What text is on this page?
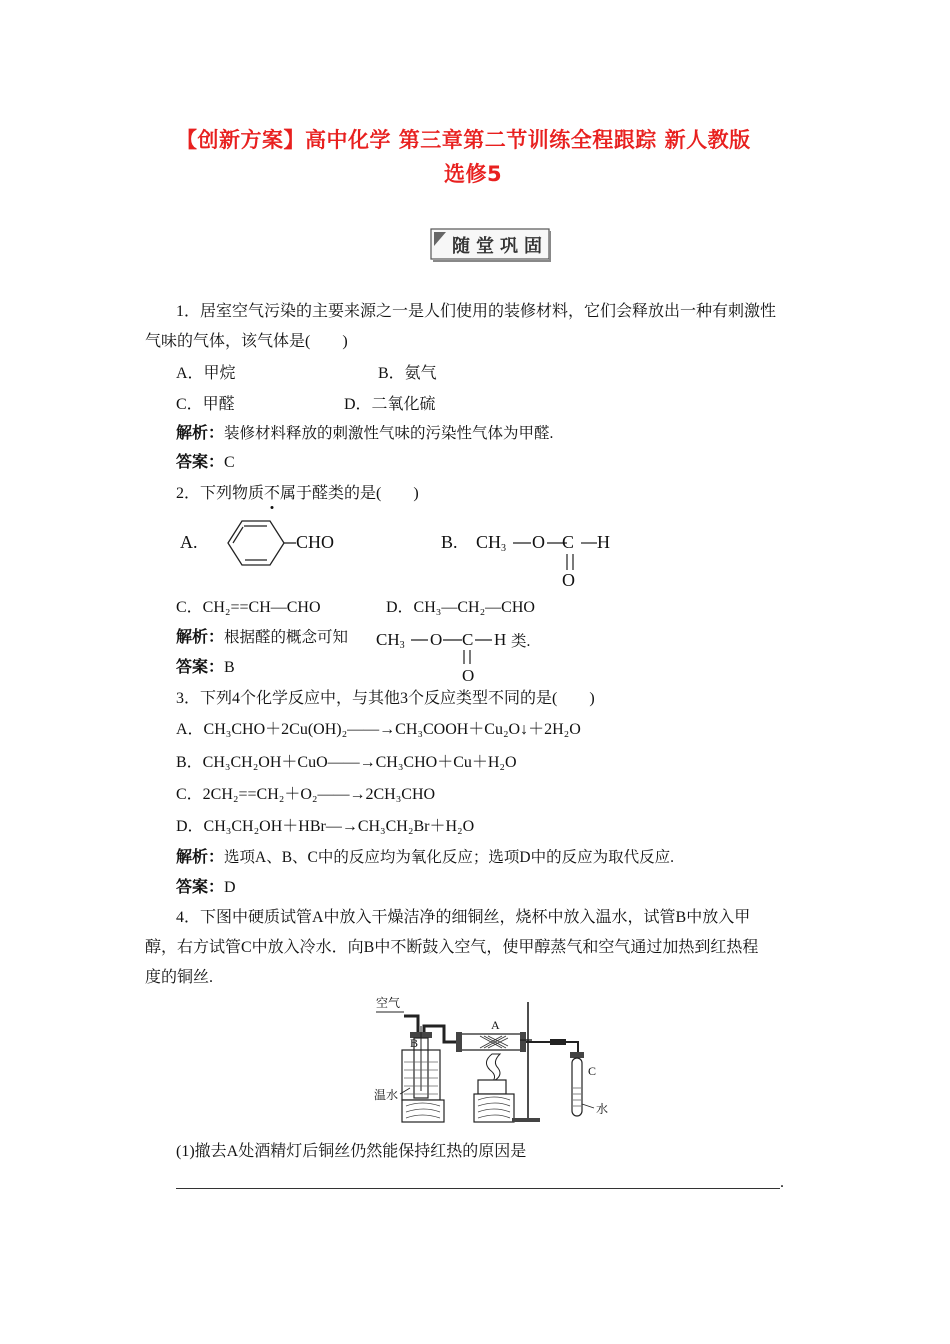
【创新方案】高中化学 第三章第二节训练全程跟踪 新人教版
选修5
随堂巩固
1．居室空气污染的主要来源之一是人们使用的装修材料，它们会释放出一种有刺激性
气味的气体，该气体是(　　)
A．甲烷	B．氨气
C．甲醛	D．二氧化硫
解析：装修材料释放的刺激性气味的污染性气体为甲醛.
答案：C
2．下列物质不属于醛类的是(　　)
A.	CHO	B. $CH_3$ O C H
O
C．CH₂==CH—CHO	D．CH₃—CH₂—CHO
解析：根据醛的概念可知 $CH_3$ O C H
O
类.
答案：B
3．下列4个化学反应中，与其他3个反应类型不同的是(　　)
A．CH₃CHO＋2Cu(OH)₂——→CH₃COOH＋Cu₂O↓＋2H₂O
B．CH₃CH₂OH＋CuO——→CH₃CHO＋Cu＋H₂O
C．2CH₂==CH₂＋O₂——→2CH₃CHO
D．CH₃CH₂OH＋HBr―→CH₃CH₂Br＋H₂O
解析：选项A、B、C中的反应均为氧化反应；选项D中的反应为取代反应.
答案：D
4．下图中硬质试管A中放入干燥洁净的细铜丝，烧杯中放入温水，试管B中放入甲
醇，右方试管C中放入冷水．向B中不断鼓入空气，使甲醇蒸气和空气通过加热到红热程
度的铜丝.
空气
A
B
C
温水
水
(1)撤去A处酒精灯后铜丝仍然能保持红热的原因是
.
